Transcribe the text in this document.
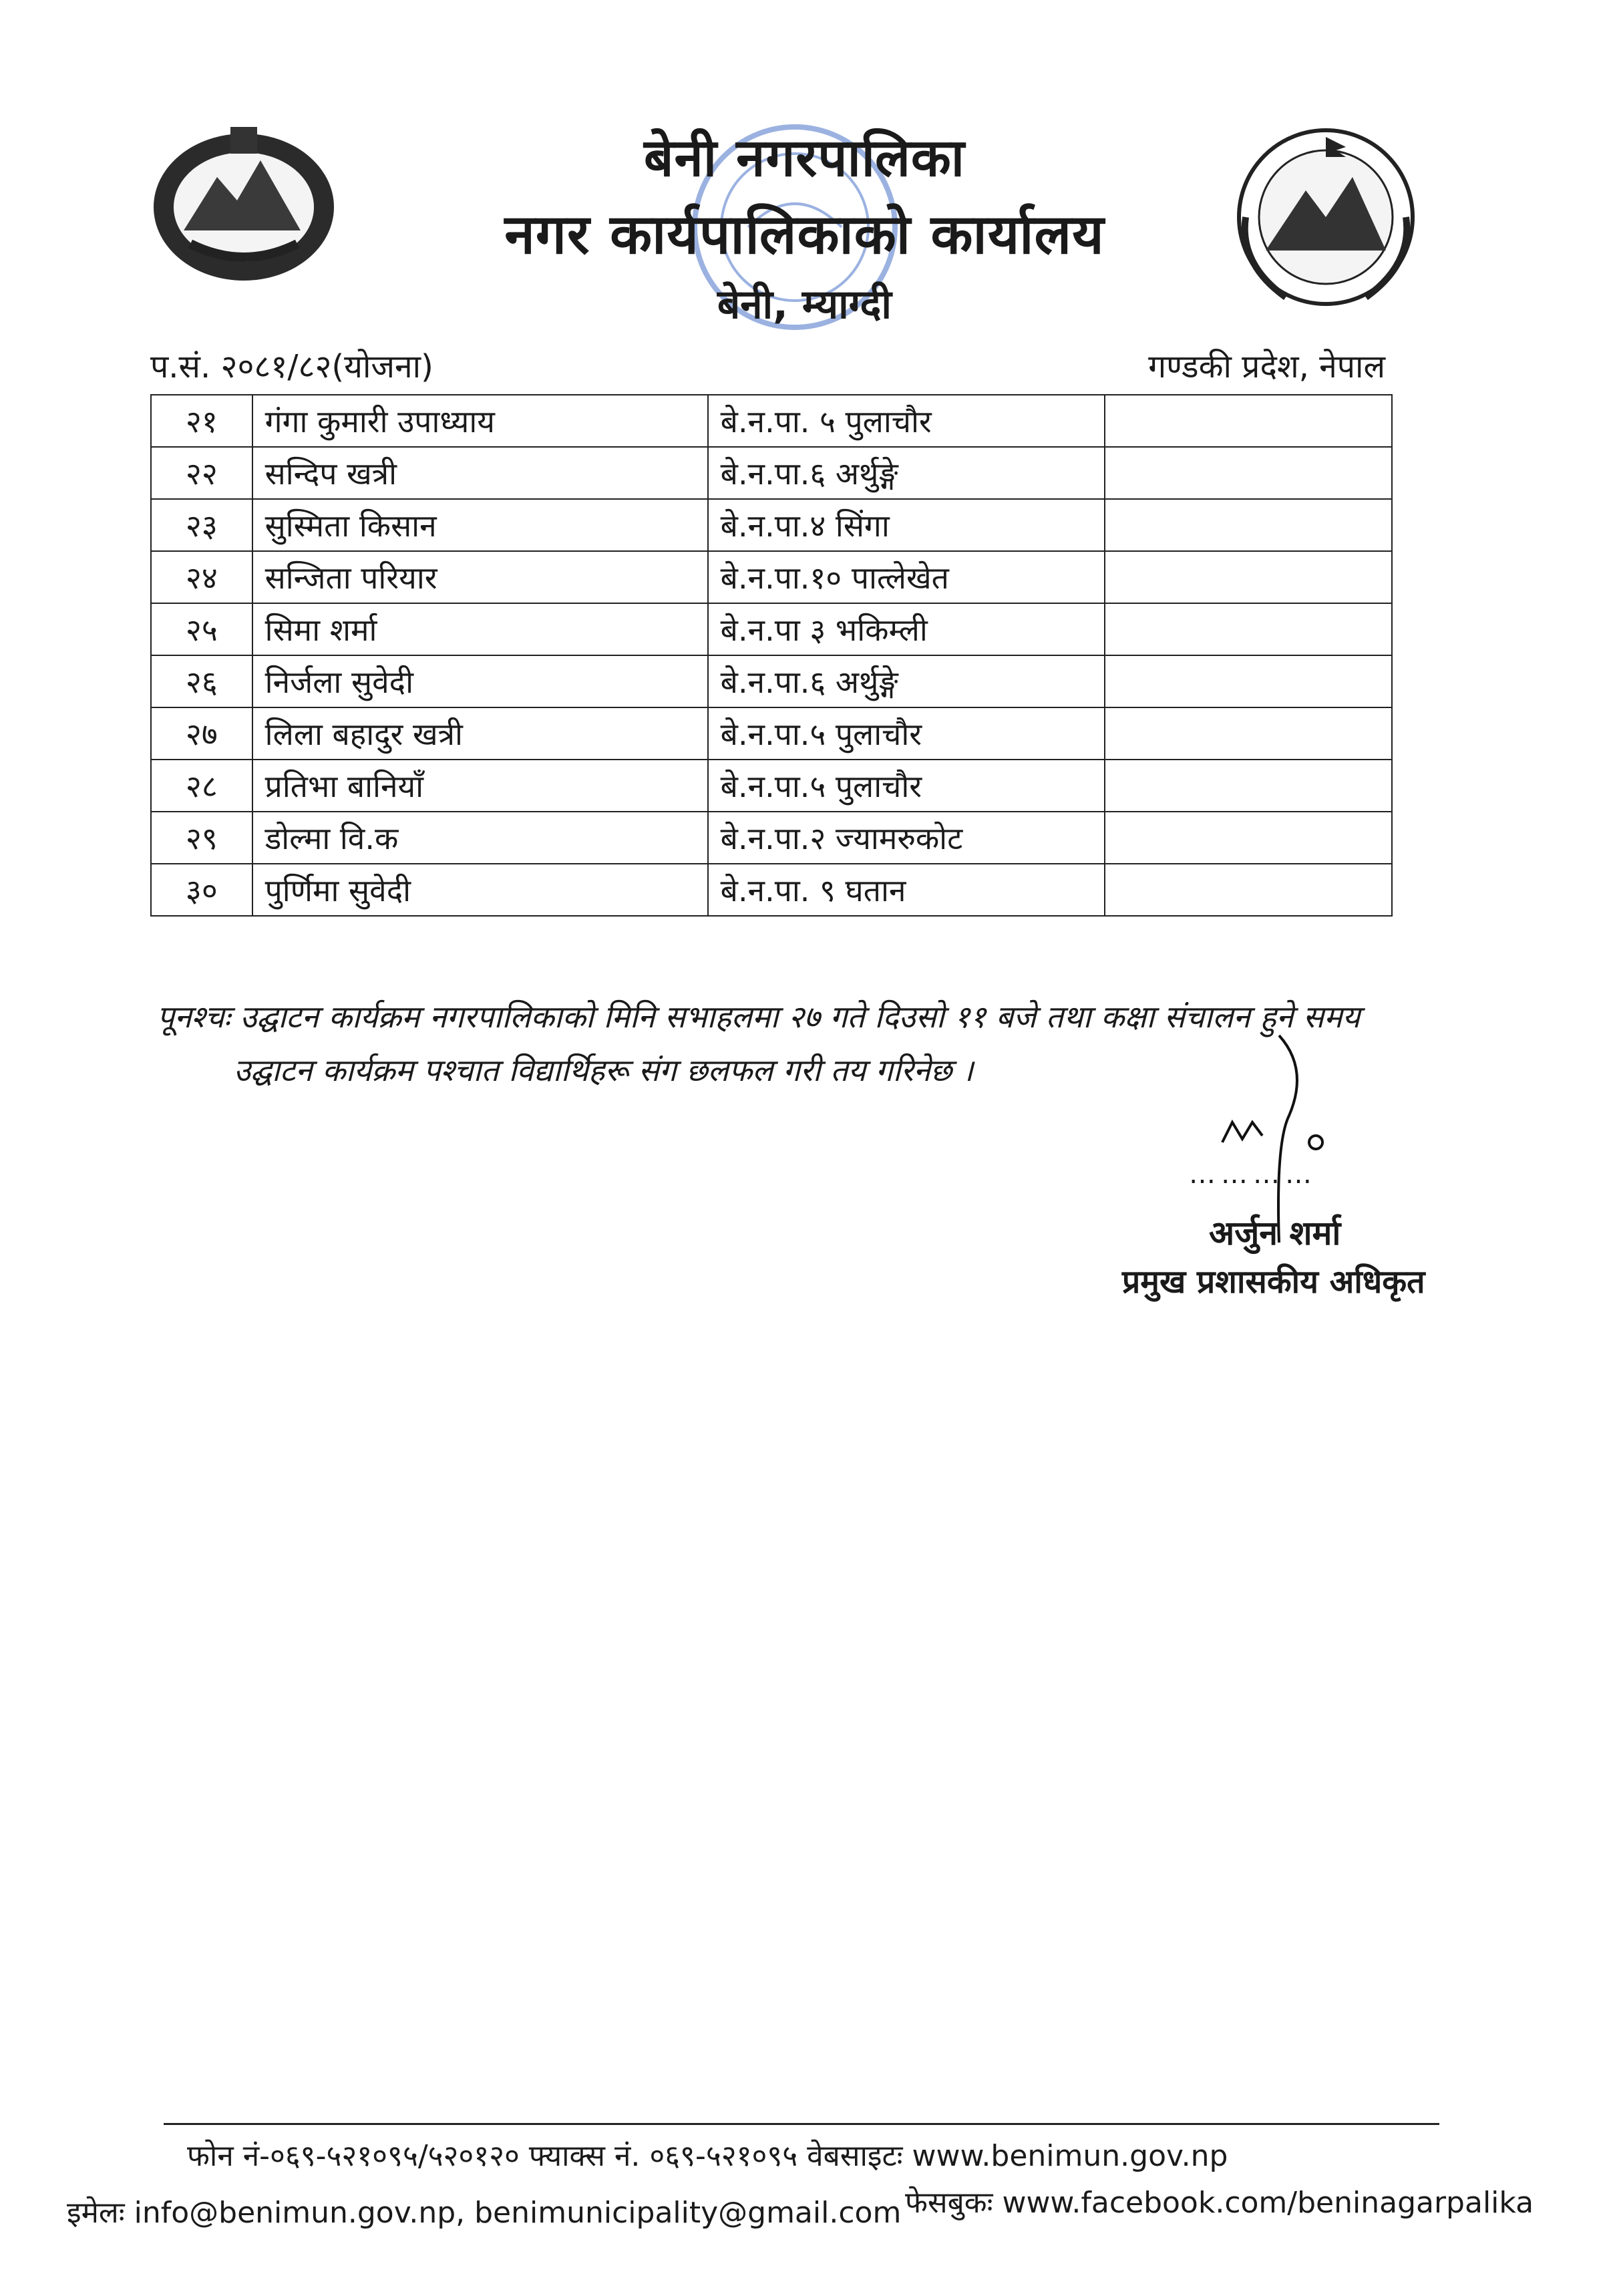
बेनी नगरपालिका
नगर कार्यपालिकाको कार्यालय
बेनी, म्याग्दी
प.सं. २०८१/८२(योजना)	गण्डकी प्रदेश, नेपाल
२१	गंगा कुमारी उपाध्याय	बे.न.पा. ५ पुलाचौर	
२२	सन्दिप खत्री	बे.न.पा.६ अर्थुङ्गे	
२३	सुस्मिता किसान	बे.न.पा.४ सिंगा	
२४	सन्जिता परियार	बे.न.पा.१० पात्लेखेत	
२५	सिमा शर्मा	बे.न.पा ३ भकिम्ली	
२६	निर्जला सुवेदी	बे.न.पा.६ अर्थुङ्गे	
२७	लिला बहादुर खत्री	बे.न.पा.५ पुलाचौर	
२८	प्रतिभा बानियाँ	बे.न.पा.५ पुलाचौर	
२९	डोल्मा वि.क	बे.न.पा.२ ज्यामरुकोट	
३०	पुर्णिमा सुवेदी	बे.न.पा. ९ घतान	
पूनश्चः उद्घाटन कार्यक्रम नगरपालिकाको मिनि सभाहलमा २७ गते दिउसो ११ बजे तथा कक्षा संचालन हुने समय
उद्घाटन कार्यक्रम पश्चात विद्यार्थिहरू संग छलफल गरी तय गरिनेछ ।
…………
अर्जुन शर्मा
प्रमुख प्रशासकीय अधिकृत
फोन नं-०६९-५२१०९५/५२०१२० फ्याक्स नं. ०६९-५२१०९५ वेबसाइटः www.benimun.gov.np
इमेलः info@benimun.gov.np, benimunicipality@gmail.com फेसबुकः www.facebook.com/beninagarpalika
